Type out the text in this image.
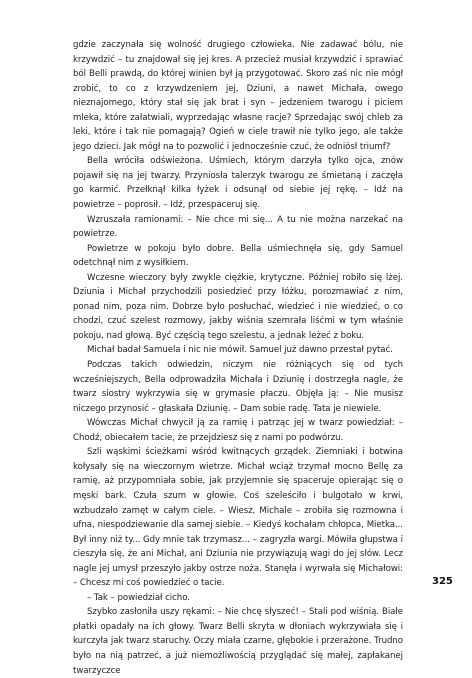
gdzie zaczynała się wolność drugiego człowieka. Nie zadawać bólu, nie krzywdzić – tu znajdował się jej kres. A przecież musiał krzywdzić i sprawiać ból Belli prawdą, do której winien był ją przygotować. Skoro zaś nic nie mógł zrobić, to co z krzywdzeniem jej, Dziuni, a nawet Michała, owego nieznajomego, który stał się jak brat i syn – jedzeniem twarogu i piciem mleka, które załatwiali, wyprzedając własne racje? Sprzedając swój chleb za leki, które i tak nie pomagają? Ogień w ciele trawił nie tylko jego, ale także jego dzieci. Jak mógł na to pozwolić i jednocześnie czuć, że odniósł triumf?

Bella wróciła odświeżona. Uśmiech, którym darzyła tylko ojca, znów pojawił się na jej twarzy. Przyniosła talerzyk twarogu ze śmietaną i zaczęła go karmić. Przełknął kilka łyżek i odsunął od siebie jej rękę. – Idź na powietrze – poprosił. – Idź, przespaceruj się.

Wzruszała ramionami: – Nie chce mi się... A tu nie można narzekać na powietrze.

Powietrze w pokoju było dobre. Bella uśmiechnęła się, gdy Samuel odetchnął nim z wysiłkiem.

Wczesne wieczory były zwykle ciężkie, krytyczne. Później robiło się lżej. Dziunia i Michał przychodzili posiedzieć przy łóżku, porozmawiać z nim, ponad nim, poza nim. Dobrze było posłuchać, wiedzieć i nie wiedzieć, o co chodzi, czuć szelest rozmowy, jakby wiśnia szemrała liśćmi w tym właśnie pokoju, nad głową. Być częścią tego szelestu, a jednak leżeć z boku.

Michał badał Samuela i nic nie mówił. Samuel już dawno przestał pytać.

Podczas takich odwiedzin, niczym nie różniących się od tych wcześniejszych, Bella odprowadziła Michała i Dziunię i dostrzegła nagle, że twarz siostry wykrzywia się w grymasie płaczu. Objęła ją: – Nie musisz niczego przynosić – głaskała Dziunię. – Dam sobie radę. Tata je niewiele.

Wówczas Michał chwycił ją za ramię i patrząc jej w twarz powiedział: – Chodź, obiecałem tacie, że przejdziesz się z nami po podwórzu.

Szli wąskimi ścieżkami wśród kwitnących grządek. Ziemniaki i botwina kołysały się na wieczornym wietrze. Michał wciąż trzymał mocno Bellę za ramię, aż przypomniała sobie, jak przyjemnie się spaceruje opierając się o męski bark. Czuła szum w głowie. Coś szeleściło i bulgotało w krwi, wzbudzało zamęt w całym ciele. – Wiesz, Michale – zrobiła się rozmowna i ufna, niespodziewanie dla samej siebie. – Kiedyś kochałam chłopca, Mietka... Był inny niż ty... Gdy mnie tak trzymasz... – zagryzła wargi. Mówiła głupstwa i cieszyła się, że ani Michał, ani Dziunia nie przywiązują wagi do jej słów. Lecz nagle jej umysł przeszyło jakby ostrze noża. Stanęła i wyrwała się Michałowi: – Chcesz mi coś powiedzieć o tacie.

– Tak – powiedział cicho.

Szybko zasłoniła uszy rękami: – Nie chcę słyszeć! – Stali pod wiśnią. Białe płatki opadały na ich głowy. Twarz Belli skryta w dłoniach wykrzywiała się i kurczyła jak twarz staruchy. Oczy miała czarne, głębokie i przerażone. Trudno było na nią patrzeć, a już niemożliwością przyglądać się małej, zapłakanej twarzyczce

325
